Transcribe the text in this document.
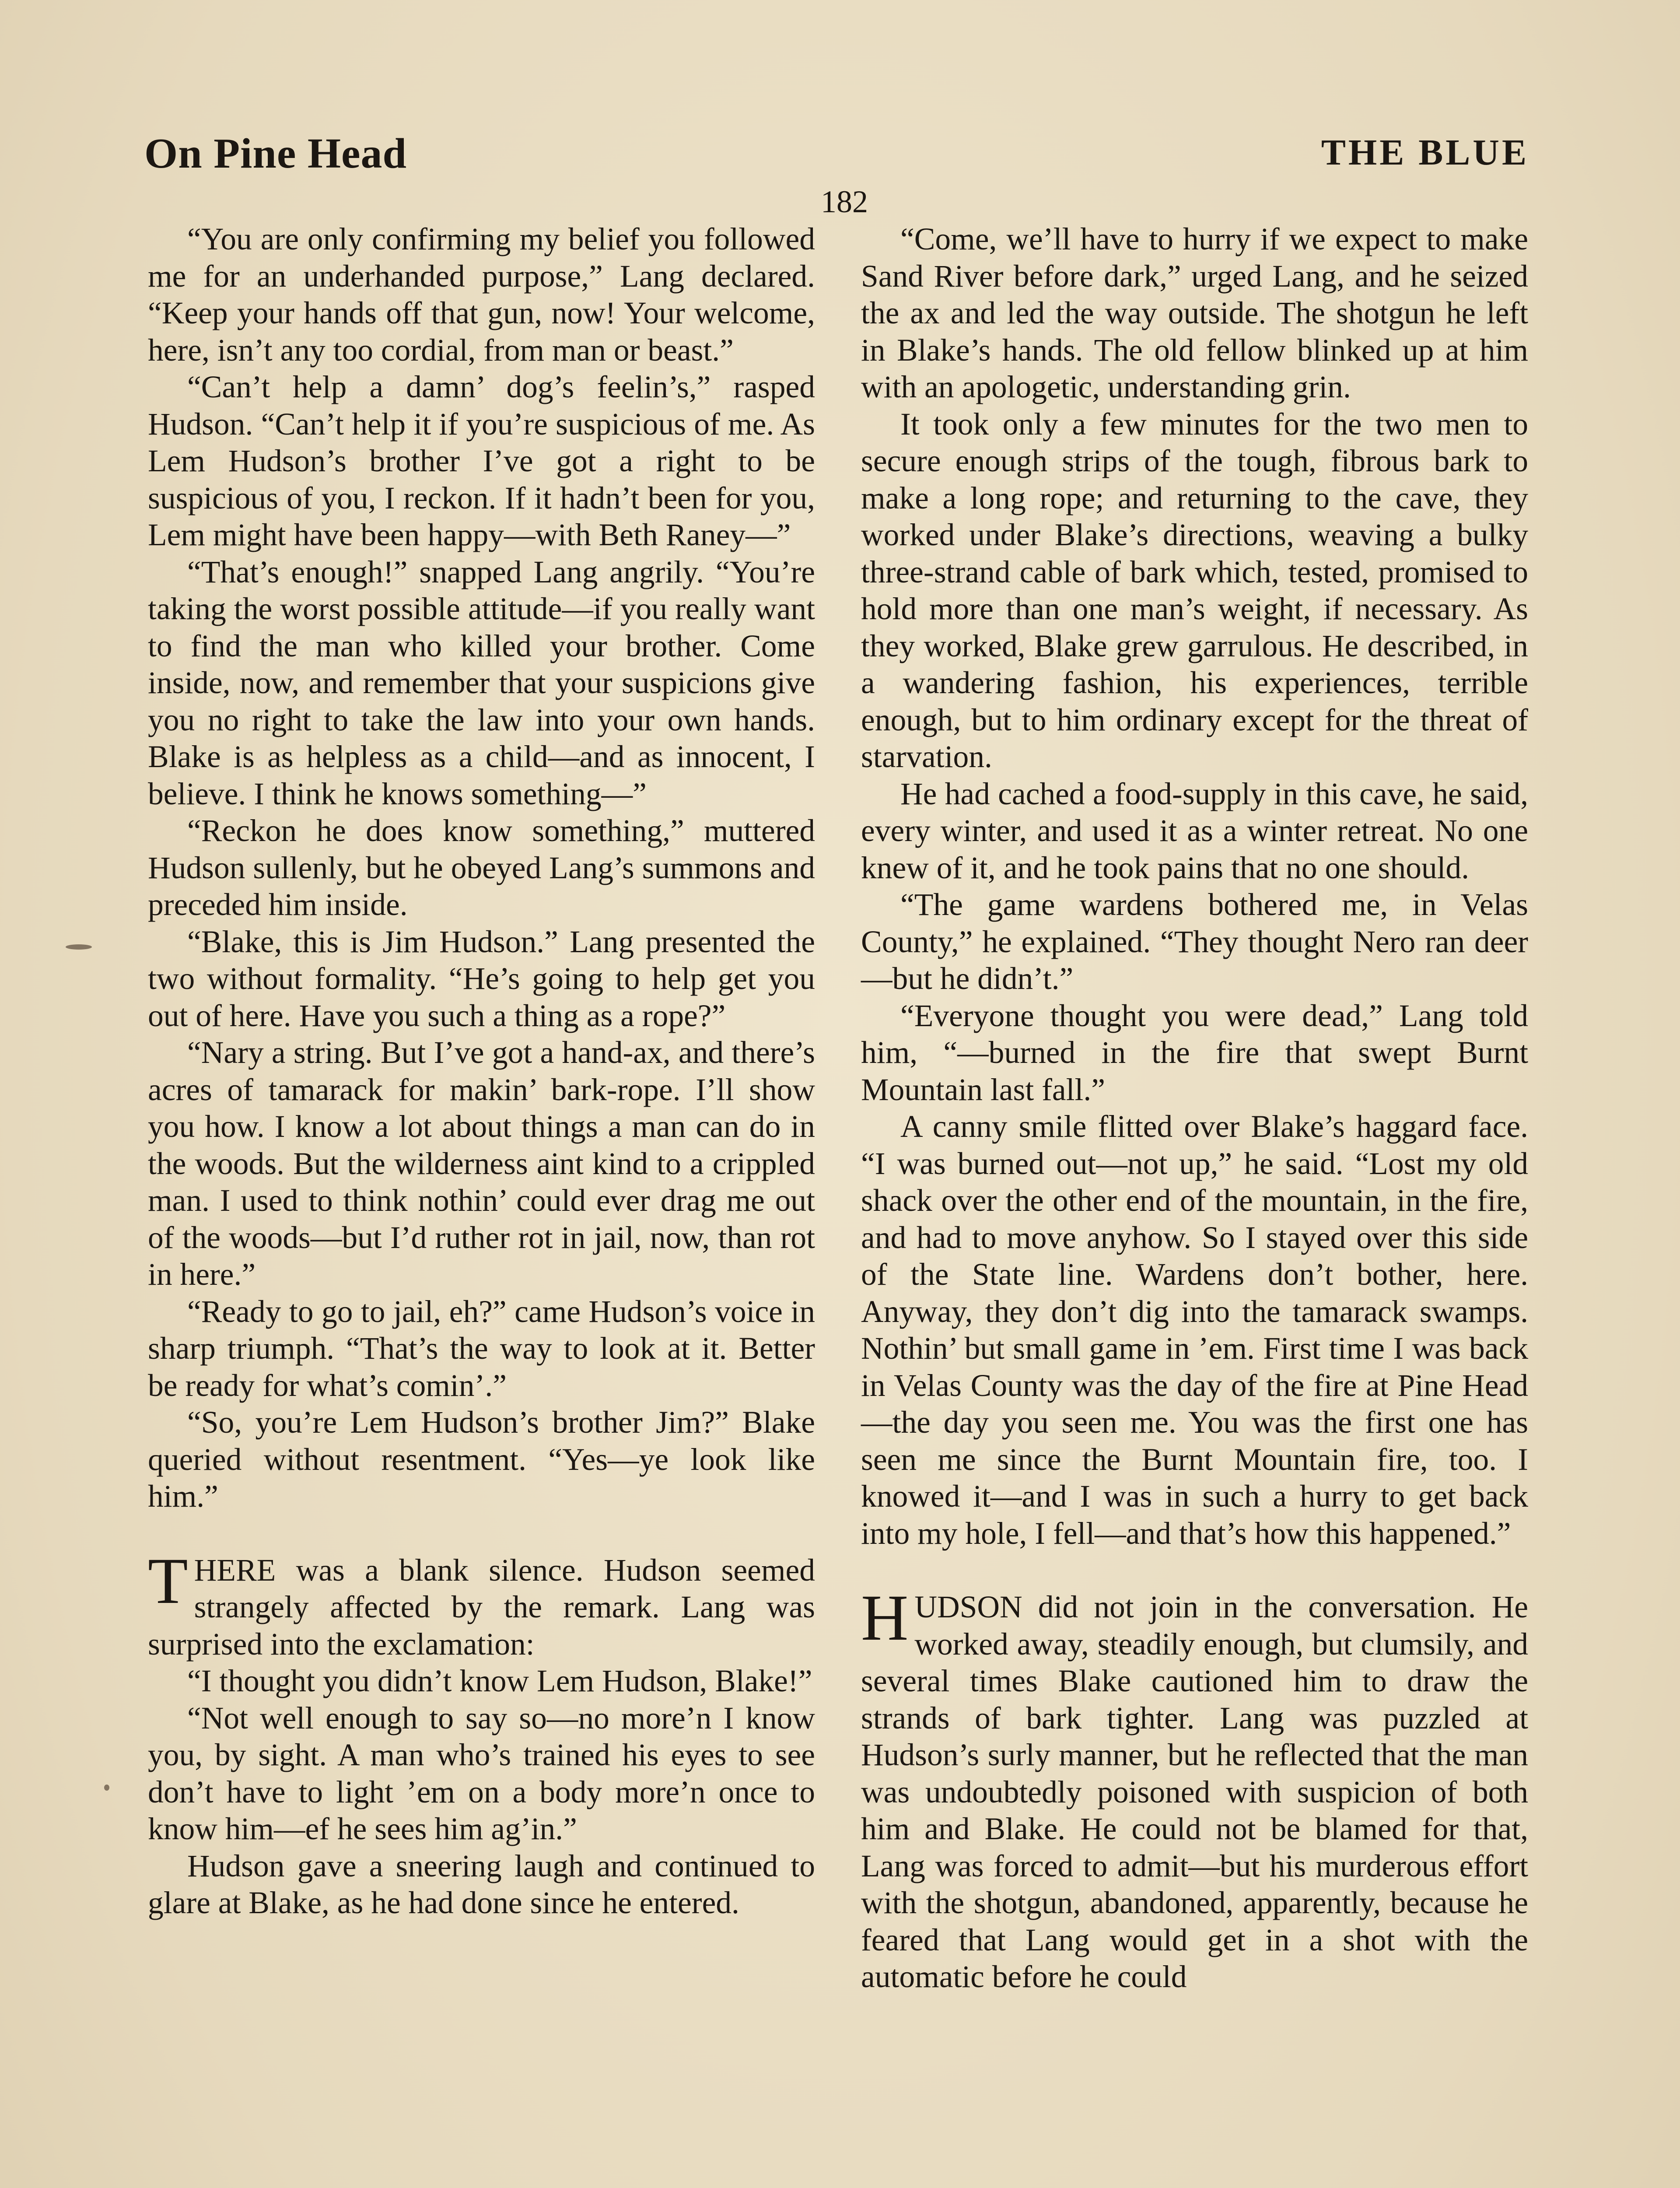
On Pine Head	THE BLUE
182

“You are only confirming my belief you followed me for an underhanded purpose,” Lang declared. “Keep your hands off that gun, now! Your welcome, here, isn’t any too cordial, from man or beast.”

“Can’t help a damn’ dog’s feelin’s,” rasped Hudson. “Can’t help it if you’re suspicious of me. As Lem Hudson’s brother I’ve got a right to be suspicious of you, I reckon. If it hadn’t been for you, Lem might have been happy—with Beth Raney—”

“That’s enough!” snapped Lang angrily. “You’re taking the worst possible attitude—if you really want to find the man who killed your brother. Come inside, now, and remember that your suspicions give you no right to take the law into your own hands. Blake is as helpless as a child—and as innocent, I believe. I think he knows something—”

“Reckon he does know something,” muttered Hudson sullenly, but he obeyed Lang’s summons and preceded him inside.

“Blake, this is Jim Hudson.” Lang presented the two without formality. “He’s going to help get you out of here. Have you such a thing as a rope?”

“Nary a string. But I’ve got a hand-ax, and there’s acres of tamarack for makin’ bark-rope. I’ll show you how. I know a lot about things a man can do in the woods. But the wilderness aint kind to a crippled man. I used to think nothin’ could ever drag me out of the woods—but I’d ruther rot in jail, now, than rot in here.”

“Ready to go to jail, eh?” came Hudson’s voice in sharp triumph. “That’s the way to look at it. Better be ready for what’s comin’.”

“So, you’re Lem Hudson’s brother Jim?” Blake queried without resentment. “Yes—ye look like him.”

THERE was a blank silence. Hudson seemed strangely affected by the remark. Lang was surprised into the exclamation:

“I thought you didn’t know Lem Hudson, Blake!”

“Not well enough to say so—no more’n I know you, by sight. A man who’s trained his eyes to see don’t have to light ’em on a body more’n once to know him—ef he sees him ag’in.”

Hudson gave a sneering laugh and continued to glare at Blake, as he had done since he entered.

“Come, we’ll have to hurry if we expect to make Sand River before dark,” urged Lang, and he seized the ax and led the way outside. The shotgun he left in Blake’s hands. The old fellow blinked up at him with an apologetic, understanding grin.

It took only a few minutes for the two men to secure enough strips of the tough, fibrous bark to make a long rope; and returning to the cave, they worked under Blake’s directions, weaving a bulky three-strand cable of bark which, tested, promised to hold more than one man’s weight, if necessary. As they worked, Blake grew garrulous. He described, in a wandering fashion, his experiences, terrible enough, but to him ordinary except for the threat of starvation.

He had cached a food-supply in this cave, he said, every winter, and used it as a winter retreat. No one knew of it, and he took pains that no one should.

“The game wardens bothered me, in Velas County,” he explained. “They thought Nero ran deer—but he didn’t.”

“Everyone thought you were dead,” Lang told him, “—burned in the fire that swept Burnt Mountain last fall.”

A canny smile flitted over Blake’s haggard face. “I was burned out—not up,” he said. “Lost my old shack over the other end of the mountain, in the fire, and had to move anyhow. So I stayed over this side of the State line. Wardens don’t bother, here. Anyway, they don’t dig into the tamarack swamps. Nothin’ but small game in ’em. First time I was back in Velas County was the day of the fire at Pine Head—the day you seen me. You was the first one has seen me since the Burnt Mountain fire, too. I knowed it—and I was in such a hurry to get back into my hole, I fell—and that’s how this happened.”

HUDSON did not join in the conversation. He worked away, steadily enough, but clumsily, and several times Blake cautioned him to draw the strands of bark tighter. Lang was puzzled at Hudson’s surly manner, but he reflected that the man was undoubtedly poisoned with suspicion of both him and Blake. He could not be blamed for that, Lang was forced to admit—but his murderous effort with the shotgun, abandoned, apparently, because he feared that Lang would get in a shot with the automatic before he could
